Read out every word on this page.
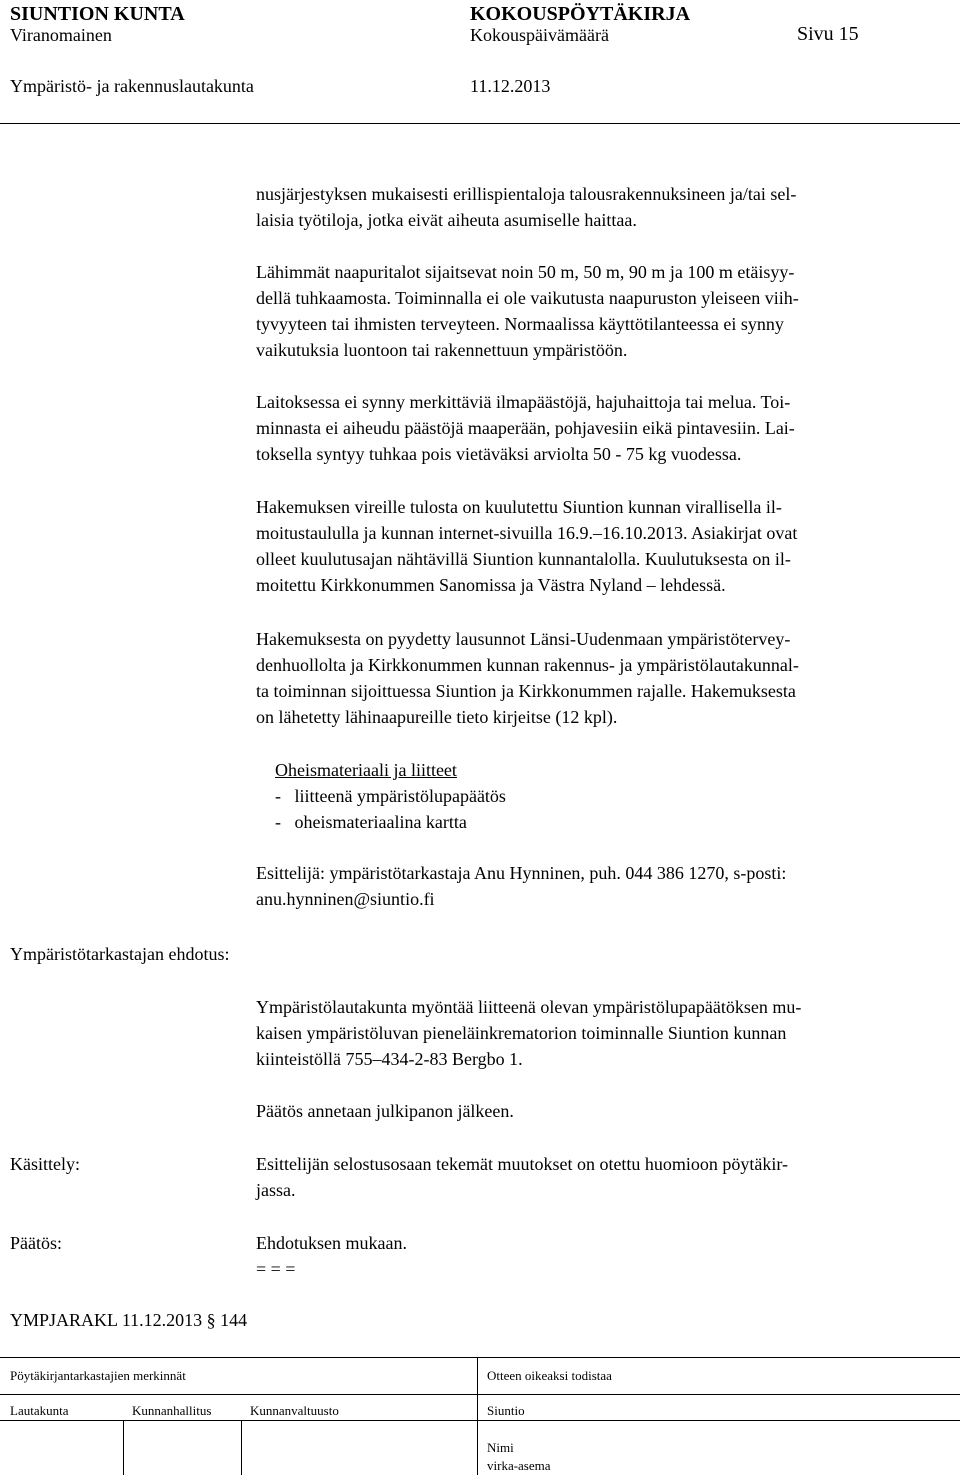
SIUNTION KUNTA	KOKOUSPÖYTÄKIRJA
Viranomainen	Kokouspäivämäärä	Sivu 15
Ympäristö- ja rakennuslautakunta	11.12.2013
nusjärjestyksen mukaisesti erillispientaloja talousrakennuksineen ja/tai sel-
laisia työtiloja, jotka eivät aiheuta asumiselle haittaa.
Lähimmät naapuritalot sijaitsevat noin 50 m, 50 m, 90 m ja 100 m etäisyy-
dellä tuhkaamosta. Toiminnalla ei ole vaikutusta naapuruston yleiseen viih-
tyvyyteen tai ihmisten terveyteen. Normaalissa käyttötilanteessa ei synny
vaikutuksia luontoon tai rakennettuun ympäristöön.
Laitoksessa ei synny merkittäviä ilmapäästöjä, hajuhaittoja tai melua. Toi-
minnasta ei aiheudu päästöjä maaperään, pohjavesiin eikä pintavesiin. Lai-
toksella syntyy tuhkaa pois vietäväksi arviolta 50 - 75 kg vuodessa.
Hakemuksen vireille tulosta on kuulutettu Siuntion kunnan virallisella il-
moitustaululla ja kunnan internet-sivuilla 16.9.–16.10.2013. Asiakirjat ovat
olleet kuulutusajan nähtävillä Siuntion kunnantalolla. Kuulutuksesta on il-
moitettu Kirkkonummen Sanomissa ja Västra Nyland – lehdessä.
Hakemuksesta on pyydetty lausunnot Länsi-Uudenmaan ympäristötervey-
denhuollolta ja Kirkkonummen kunnan rakennus- ja ympäristölautakunnal-
ta toiminnan sijoittuessa Siuntion ja Kirkkonummen rajalle. Hakemuksesta
on lähetetty lähinaapureille tieto kirjeitse (12 kpl).
Oheismateriaali ja liitteet
-   liitteenä ympäristölupapäätös
-   oheismateriaalina kartta
Esittelijä: ympäristötarkastaja Anu Hynninen, puh. 044 386 1270, s-posti:
anu.hynninen@siuntio.fi
Ympäristötarkastajan ehdotus:
Ympäristölautakunta myöntää liitteenä olevan ympäristölupapäätöksen mu-
kaisen ympäristöluvan pieneläinkrematorion toiminnalle Siuntion kunnan
kiinteistöllä 755–434-2-83 Bergbo 1.
Päätös annetaan julkipanon jälkeen.
Käsittely:	Esittelijän selostusosaan tekemät muutokset on otettu huomioon pöytäkir-
jassa.
Päätös:	Ehdotuksen mukaan.
= = =
YMPJARAKL 11.12.2013 § 144
Pöytäkirjantarkastajien merkinnät	Otteen oikeaksi todistaa
Lautakunta	Kunnanhallitus	Kunnanvaltuusto	Siuntio
Nimi
virka-asema
